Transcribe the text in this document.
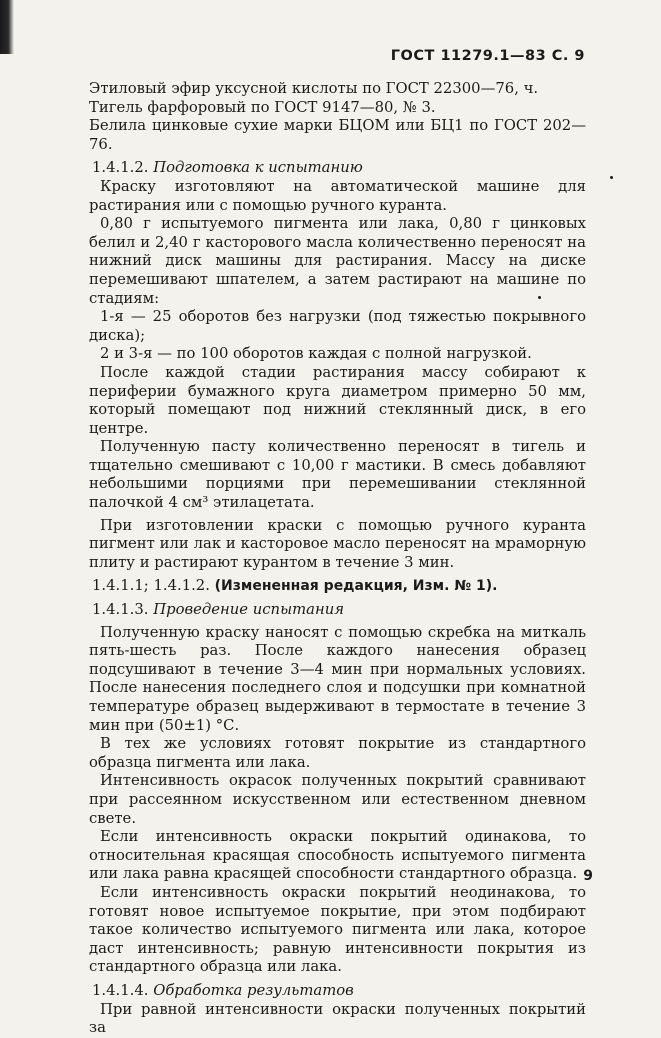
ГОСТ 11279.1—83 С. 9

Этиловый эфир уксусной кислоты по ГОСТ 22300—76, ч.

Тигель фарфоровый по ГОСТ 9147—80, № 3.

Белила цинковые сухие марки БЦОМ или БЦ1 по ГОСТ 202—76.

1.4.1.2. Подготовка к испытанию

Краску изготовляют на автоматической машине для растирания или с помощью ручного куранта.

0,80 г испытуемого пигмента или лака, 0,80 г цинковых белил и 2,40 г касторового масла количественно переносят на нижний диск машины для растирания. Массу на диске перемешивают шпателем, а затем растирают на машине по стадиям:

1-я — 25 оборотов без нагрузки (под тяжестью покрывного диска);

2 и 3-я — по 100 оборотов каждая с полной нагрузкой.

После каждой стадии растирания массу собирают к периферии бумажного круга диаметром примерно 50 мм, который помещают под нижний стеклянный диск, в его центре.

Полученную пасту количественно переносят в тигель и тщательно смешивают с 10,00 г мастики. В смесь добавляют небольшими порциями при перемешивании стеклянной палочкой 4 см³ этилацетата.

При изготовлении краски с помощью ручного куранта пигмент или лак и касторовое масло переносят на мраморную плиту и растирают курантом в течение 3 мин.

1.4.1.1; 1.4.1.2. (Измененная редакция, Изм. № 1).

1.4.1.3. Проведение испытания

Полученную краску наносят с помощью скребка на миткаль пять-шесть раз. После каждого нанесения образец подсушивают в течение 3—4 мин при нормальных условиях. После нанесения последнего слоя и подсушки при комнатной температуре образец выдерживают в термостате в течение 3 мин при (50±1) °С.

В тех же условиях готовят покрытие из стандартного образца пигмента или лака.

Интенсивность окрасок полученных покрытий сравнивают при рассеянном искусственном или естественном дневном свете.

Если интенсивность окраски покрытий одинакова, то относительная красящая способность испытуемого пигмента или лака равна красящей способности стандартного образца.

Если интенсивность окраски покрытий неодинакова, то готовят новое испытуемое покрытие, при этом подбирают такое количество испытуемого пигмента или лака, которое даст интенсивность; равную интенсивности покрытия из стандартного образца или лака.

1.4.1.4. Обработка результатов

При равной интенсивности окраски полученных покрытий за

9
